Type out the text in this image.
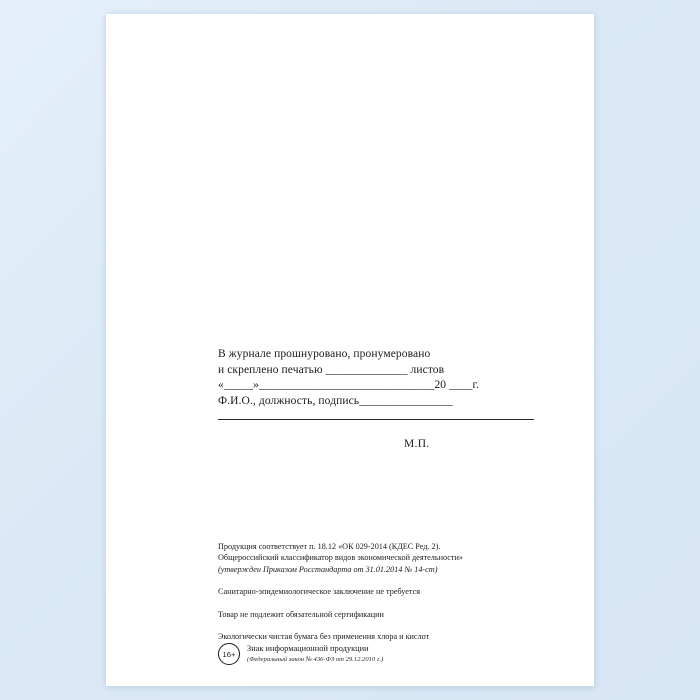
В журнале прошнуровано, пронумеровано
и скреплено печатью ______________ листов
«_____»______________________________20 ____г.
Ф.И.О., должность, подпись________________
М.П.
Продукция соответствует п. 18.12 «ОК 029-2014 (КДЕС Ред. 2).
Общероссийский классификатор видов экономической деятельности»
(утвержден Приказом Росстандарта от 31.01.2014 № 14-ст)
Санитарно-эпидемиологическое заключение не требуется
Товар не подлежит обязательной сертификации
Экологически чистая бумага без применения хлора и кислот
16+
Знак информационной продукции
(Федеральный закон № 436-ФЗ от 29.12.2010 г.)
